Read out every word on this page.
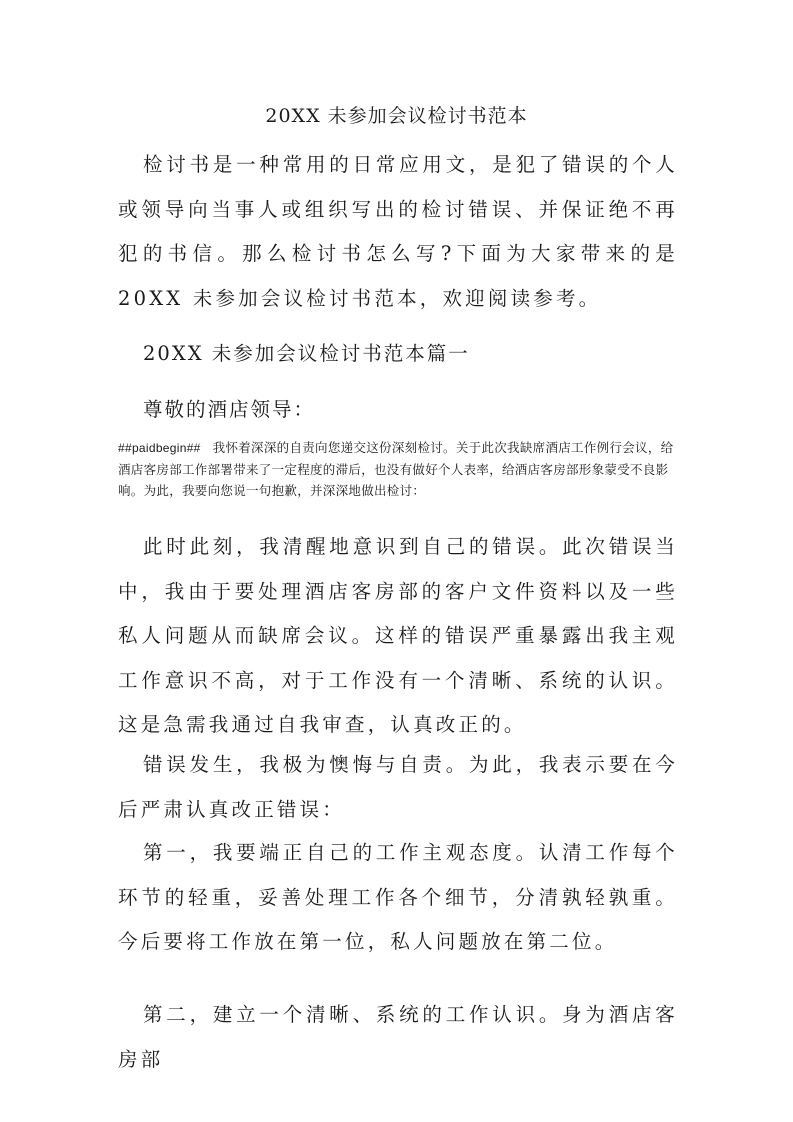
20XX 未参加会议检讨书范本
检讨书是一种常用的日常应用文，是犯了错误的个人或领导向当事人或组织写出的检讨错误、并保证绝不再犯的书信。那么检讨书怎么写?下面为大家带来的是20XX 未参加会议检讨书范本，欢迎阅读参考。
20XX 未参加会议检讨书范本篇一
尊敬的酒店领导：
##paidbegin## 我怀着深深的自责向您递交这份深刻检讨。关于此次我缺席酒店工作例行会议，给酒店客房部工作部署带来了一定程度的滞后，也没有做好个人表率，给酒店客房部形象蒙受不良影响。为此，我要向您说一句抱歉，并深深地做出检讨：
此时此刻，我清醒地意识到自己的错误。此次错误当中，我由于要处理酒店客房部的客户文件资料以及一些私人问题从而缺席会议。这样的错误严重暴露出我主观工作意识不高，对于工作没有一个清晰、系统的认识。这是急需我通过自我审查，认真改正的。
错误发生，我极为懊悔与自责。为此，我表示要在今后严肃认真改正错误：
第一，我要端正自己的工作主观态度。认清工作每个环节的轻重，妥善处理工作各个细节，分清孰轻孰重。今后要将工作放在第一位，私人问题放在第二位。
第二，建立一个清晰、系统的工作认识。身为酒店客房部
